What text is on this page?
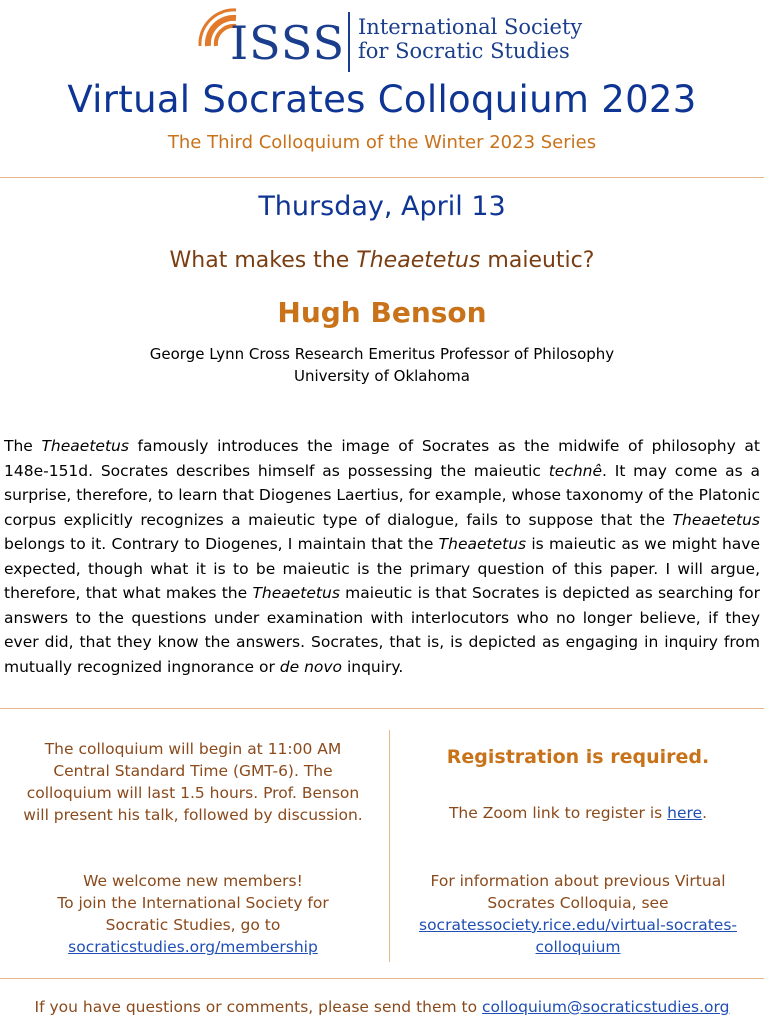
ISSS International Society
for Socratic Studies
Virtual Socrates Colloquium 2023
The Third Colloquium of the Winter 2023 Series
Thursday, April 13
What makes the Theaetetus maieutic?
Hugh Benson
George Lynn Cross Research Emeritus Professor of Philosophy
University of Oklahoma
The Theaetetus famously introduces the image of Socrates as the midwife of philosophy at 148e-151d. Socrates describes himself as possessing the maieutic technê. It may come as a surprise, therefore, to learn that Diogenes Laertius, for example, whose taxonomy of the Platonic corpus explicitly recognizes a maieutic type of dialogue, fails to suppose that the Theaetetus belongs to it. Contrary to Diogenes, I maintain that the Theaetetus is maieutic as we might have expected, though what it is to be maieutic is the primary question of this paper. I will argue, therefore, that what makes the Theaetetus maieutic is that Socrates is depicted as searching for answers to the questions under examination with interlocutors who no longer believe, if they ever did, that they know the answers. Socrates, that is, is depicted as engaging in inquiry from mutually recognized ingnorance or de novo inquiry.
The colloquium will begin at 11:00 AM
Central Standard Time (GMT-6). The
colloquium will last 1.5 hours. Prof. Benson
will present his talk, followed by discussion.
We welcome new members!
To join the International Society for
Socratic Studies, go to
socraticstudies.org/membership
Registration is required.
The Zoom link to register is here.
For information about previous Virtual
Socrates Colloquia, see
socratessociety.rice.edu/virtual-socrates-
colloquium
If you have questions or comments, please send them to colloquium@socraticstudies.org
